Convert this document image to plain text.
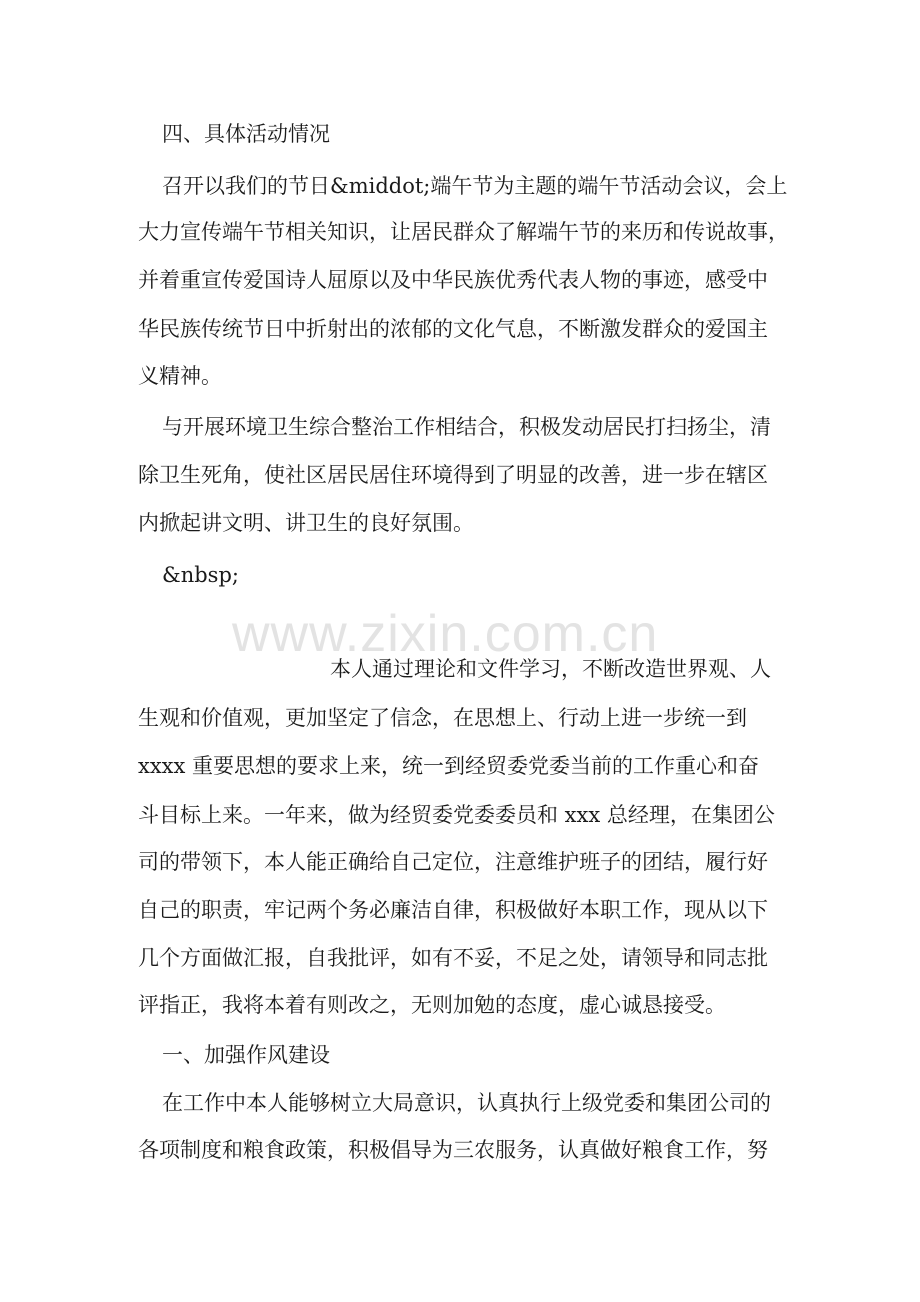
www.zixin.com.cn
四、具体活动情况
召开以我们的节日&middot;端午节为主题的端午节活动会议，会上
大力宣传端午节相关知识，让居民群众了解端午节的来历和传说故事，
并着重宣传爱国诗人屈原以及中华民族优秀代表人物的事迹，感受中
华民族传统节日中折射出的浓郁的文化气息，不断激发群众的爱国主
义精神。
与开展环境卫生综合整治工作相结合，积极发动居民打扫扬尘，清
除卫生死角，使社区居民居住环境得到了明显的改善，进一步在辖区
内掀起讲文明、讲卫生的良好氛围。
&nbsp;
本人通过理论和文件学习，不断改造世界观、人
生观和价值观，更加坚定了信念，在思想上、行动上进一步统一到
xxxx 重要思想的要求上来，统一到经贸委党委当前的工作重心和奋
斗目标上来。一年来，做为经贸委党委委员和 xxx 总经理，在集团公
司的带领下，本人能正确给自己定位，注意维护班子的团结，履行好
自己的职责，牢记两个务必廉洁自律，积极做好本职工作，现从以下
几个方面做汇报，自我批评，如有不妥，不足之处，请领导和同志批
评指正，我将本着有则改之，无则加勉的态度，虚心诚恳接受。
一、加强作风建设
在工作中本人能够树立大局意识，认真执行上级党委和集团公司的
各项制度和粮食政策，积极倡导为三农服务，认真做好粮食工作，努
